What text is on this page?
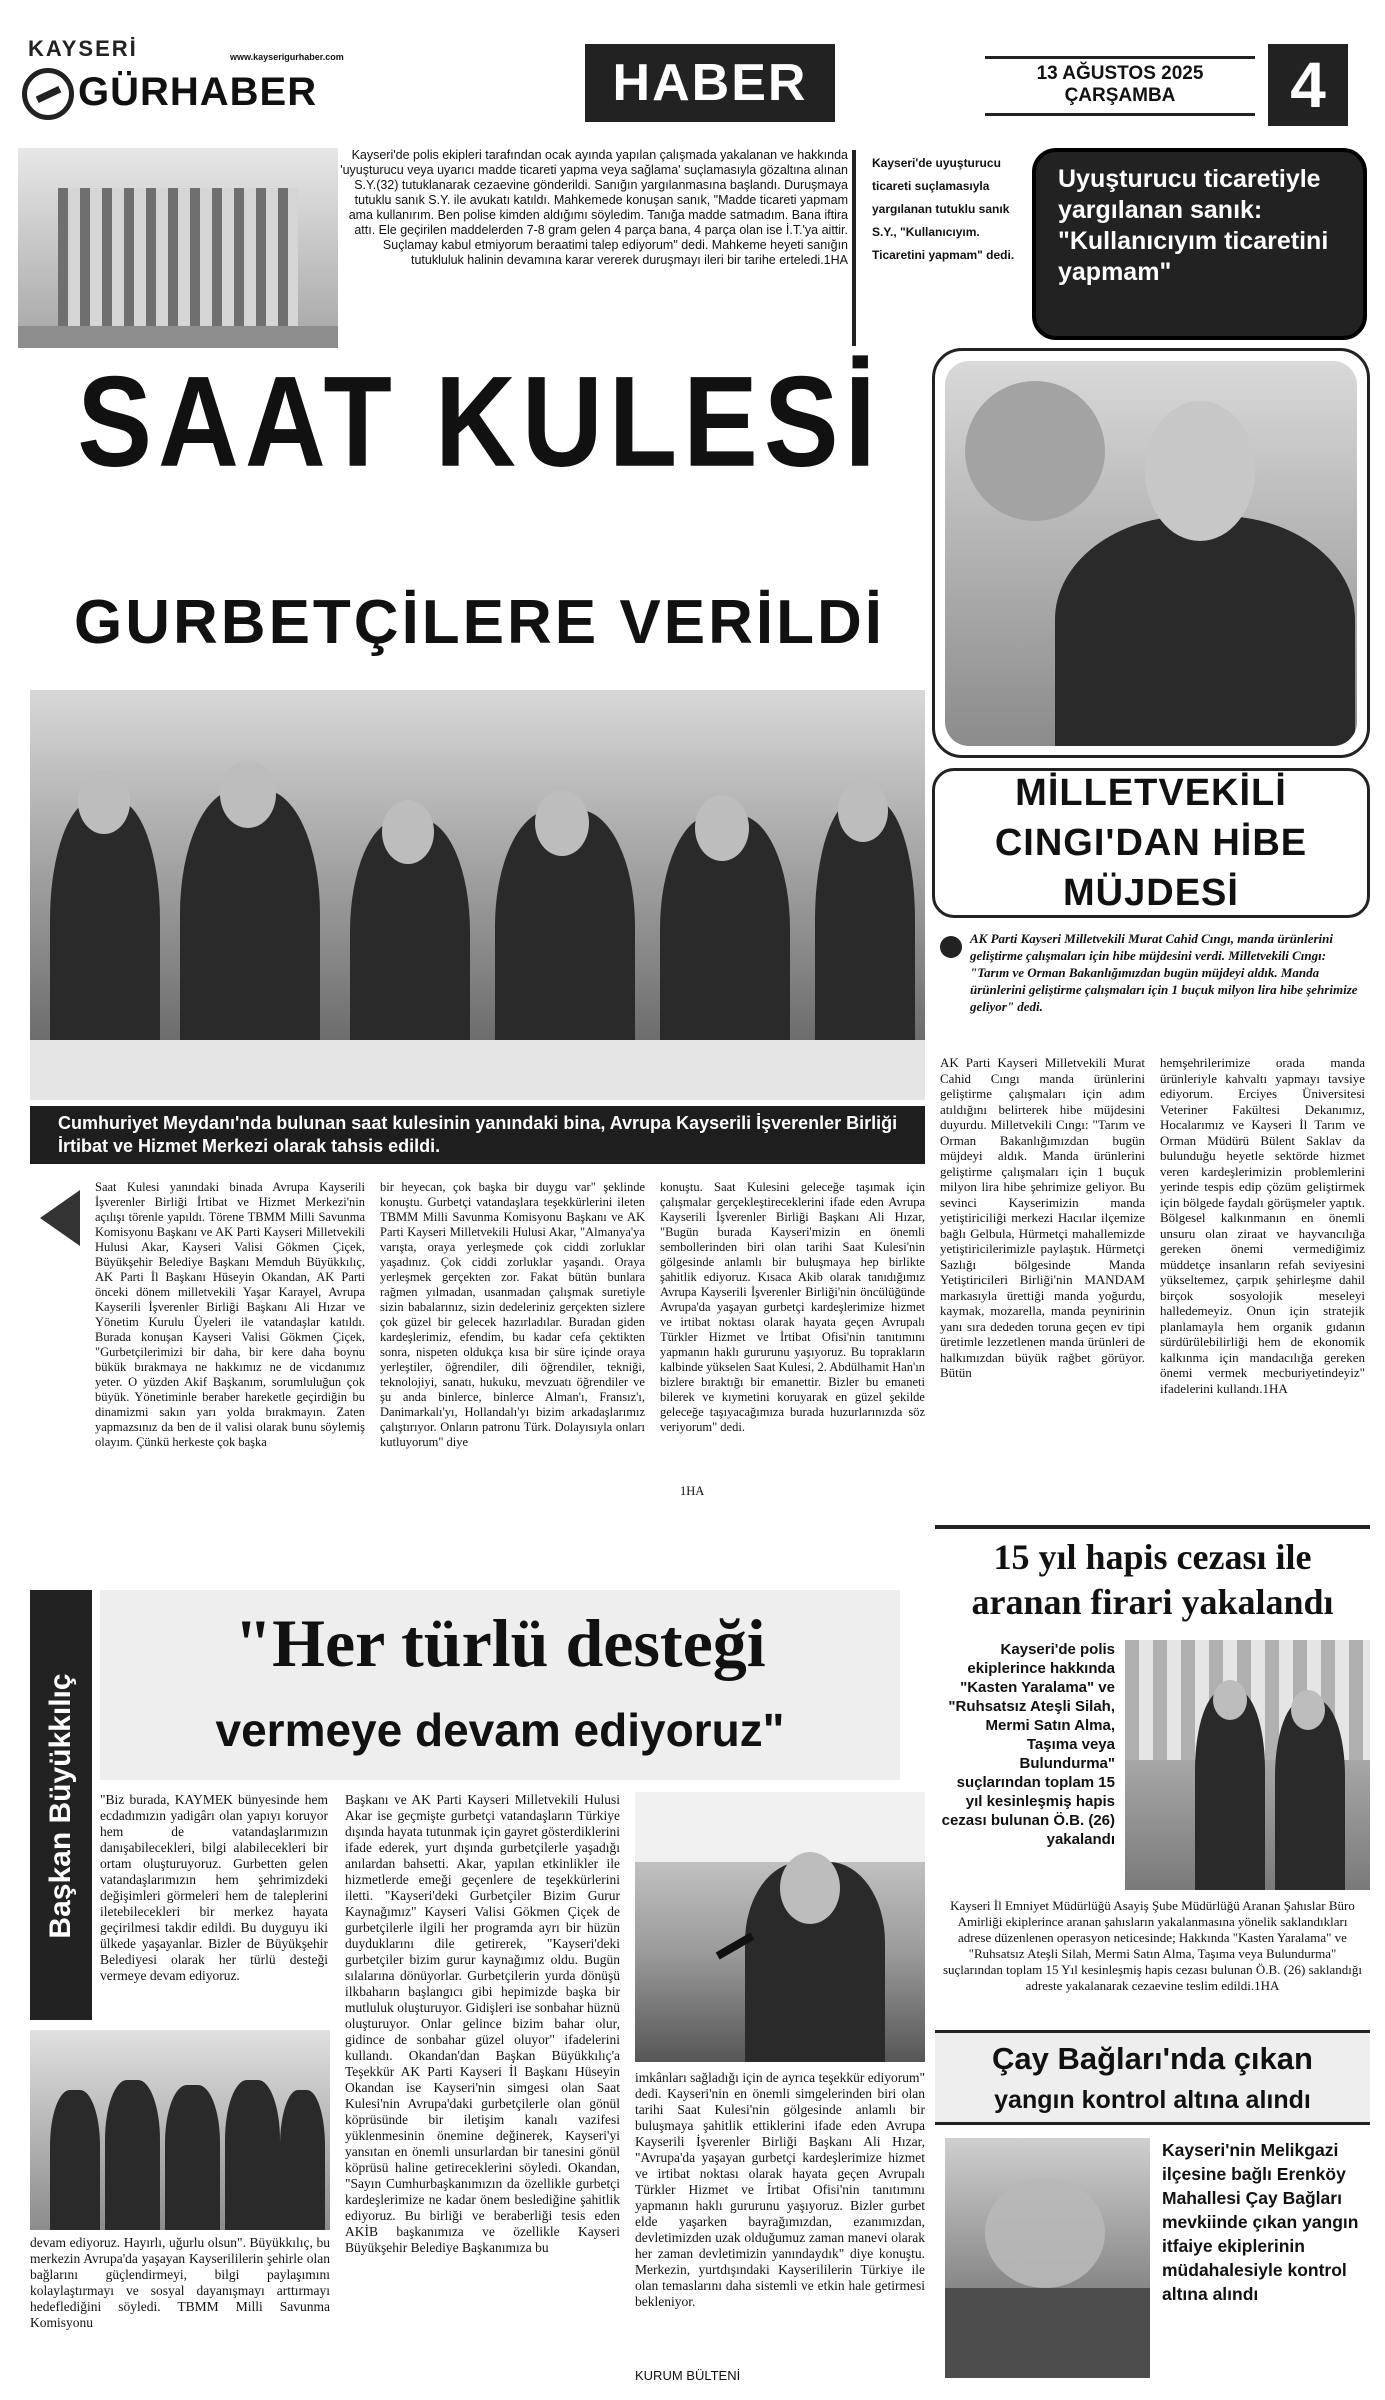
KAYSERİ	www.kayserigurhaber.com
GÜRHABER	HABER	13 AĞUSTOS 2025
ÇARŞAMBA	4
Kayseri'de polis ekipleri tarafından ocak ayında yapılan çalışmada yakalanan ve hakkında 'uyuşturucu veya uyarıcı madde ticareti yapma veya sağlama' suçlamasıyla gözaltına alınan S.Y.(32) tutuklanarak cezaevine gönderildi. Sanığın yargılanmasına başlandı. Duruşmaya tutuklu sanık S.Y. ile avukatı katıldı. Mahkemede konuşan sanık, "Madde ticareti yapmam ama kullanırım. Ben polise kimden aldığımı söyledim. Tanığa madde satmadım. Bana iftira attı. Ele geçirilen maddelerden 7-8 gram gelen 4 parça bana, 4 parça olan ise İ.T.'ya aittir. Suçlamay kabul etmiyorum beraatimi talep ediyorum" dedi. Mahkeme heyeti sanığın tutukluluk halinin devamına karar vererek duruşmayı ileri bir tarihe erteledi.1HA
Kayseri'de uyuşturucu ticareti suçlamasıyla yargılanan tutuklu sanık S.Y., "Kullanıcıyım. Ticaretini yapmam" dedi.
Uyuşturucu ticaretiyle yargılanan sanık: "Kullanıcıyım ticaretini yapmam"
SAAT KULESİ
GURBETÇİLERE VERİLDİ
Cumhuriyet Meydanı'nda bulunan saat kulesinin yanındaki bina, Avrupa Kayserili İşverenler Birliği İrtibat ve Hizmet Merkezi olarak tahsis edildi.
Saat Kulesi yanındaki binada Avrupa Kayserili İşverenler Birliği İrtibat ve Hizmet Merkezi'nin açılışı törenle yapıldı. Törene TBMM Milli Savunma Komisyonu Başkanı ve AK Parti Kayseri Milletvekili Hulusi Akar, Kayseri Valisi Gökmen Çiçek, Büyükşehir Belediye Başkanı Memduh Büyükkılıç, AK Parti İl Başkanı Hüseyin Okandan, AK Parti önceki dönem milletvekili Yaşar Karayel, Avrupa Kayserili İşverenler Birliği Başkanı Ali Hızar ve Yönetim Kurulu Üyeleri ile vatandaşlar katıldı. Burada konuşan Kayseri Valisi Gökmen Çiçek, "Gurbetçilerimizi bir daha, bir kere daha boynu bükük bırakmaya ne hakkımız ne de vicdanımız yeter. O yüzden Akif Başkanım, sorumluluğun çok büyük. Yönetiminle beraber hareketle geçirdiğin bu dinamizmi sakın yarı yolda bırakmayın. Zaten yapmazsınız da ben de il valisi olarak bunu söylemiş olayım. Çünkü herkeste çok başka
bir heyecan, çok başka bir duygu var" şeklinde konuştu. Gurbetçi vatandaşlara teşekkürlerini ileten TBMM Milli Savunma Komisyonu Başkanı ve AK Parti Kayseri Milletvekili Hulusi Akar, "Almanya'ya varışta, oraya yerleşmede çok ciddi zorluklar yaşadınız. Çok ciddi zorluklar yaşandı. Oraya yerleşmek gerçekten zor. Fakat bütün bunlara rağmen yılmadan, usanmadan çalışmak suretiyle sizin babalarınız, sizin dedeleriniz gerçekten sizlere çok güzel bir gelecek hazırladılar. Buradan giden kardeşlerimiz, efendim, bu kadar cefa çektikten sonra, nispeten oldukça kısa bir süre içinde oraya yerleştiler, öğrendiler, dili öğrendiler, tekniği, teknolojiyi, sanatı, hukuku, mevzuatı öğrendiler ve şu anda binlerce, binlerce Alman'ı, Fransız'ı, Danimarkalı'yı, Hollandalı'yı bizim arkadaşlarımız çalıştırıyor. Onların patronu Türk. Dolayısıyla onları kutluyorum" diye
konuştu. Saat Kulesini geleceğe taşımak için çalışmalar gerçekleştireceklerini ifade eden Avrupa Kayserili İşverenler Birliği Başkanı Ali Hızar, "Bugün burada Kayseri'mizin en önemli sembollerinden biri olan tarihi Saat Kulesi'nin gölgesinde anlamlı bir buluşmaya hep birlikte şahitlik ediyoruz. Kısaca Akib olarak tanıdığımız Avrupa Kayserili İşverenler Birliği'nin öncülüğünde Avrupa'da yaşayan gurbetçi kardeşlerimize hizmet ve irtibat noktası olarak hayata geçen Avrupalı Türkler Hizmet ve İrtibat Ofisi'nin tanıtımını yapmanın haklı gururunu yaşıyoruz. Bu toprakların kalbinde yükselen Saat Kulesi, 2. Abdülhamit Han'ın bizlere bıraktığı bir emanettir. Bizler bu emaneti bilerek ve kıymetini koruyarak en güzel şekilde geleceğe taşıyacağımıza burada huzurlarınızda söz veriyorum" dedi.
1HA
MİLLETVEKİLİ CINGI'DAN HİBE MÜJDESİ
AK Parti Kayseri Milletvekili Murat Cahid Cıngı, manda ürünlerini geliştirme çalışmaları için hibe müjdesini verdi. Milletvekili Cıngı: "Tarım ve Orman Bakanlığımızdan bugün müjdeyi aldık. Manda ürünlerini geliştirme çalışmaları için 1 buçuk milyon lira hibe şehrimize geliyor" dedi.
AK Parti Kayseri Milletvekili Murat Cahid Cıngı manda ürünlerini geliştirme çalışmaları için adım atıldığını belirterek hibe müjdesini duyurdu. Milletvekili Cıngı: "Tarım ve Orman Bakanlığımızdan bugün müjdeyi aldık. Manda ürünlerini geliştirme çalışmaları için 1 buçuk milyon lira hibe şehrimize geliyor. Bu sevinci Kayserimizin manda yetiştiriciliği merkezi Hacılar ilçemize bağlı Gelbula, Hürmetçi mahallemizde yetiştiricilerimizle paylaştık. Hürmetçi Sazlığı bölgesinde Manda Yetiştiricileri Birliği'nin MANDAM markasıyla ürettiği manda yoğurdu, kaymak, mozarella, manda peynirinin yanı sıra dededen toruna geçen ev tipi üretimle lezzetlenen manda ürünleri de halkımızdan büyük rağbet görüyor. Bütün
hemşehrilerimize orada manda ürünleriyle kahvaltı yapmayı tavsiye ediyorum. Erciyes Üniversitesi Veteriner Fakültesi Dekanımız, Hocalarımız ve Kayseri İl Tarım ve Orman Müdürü Bülent Saklav da bulunduğu heyetle sektörde hizmet veren kardeşlerimizin problemlerini yerinde tespis edip çözüm geliştirmek için bölgede faydalı görüşmeler yaptık. Bölgesel kalkınmanın en önemli unsuru olan ziraat ve hayvancılığa gereken önemi vermediğimiz müddetçe insanların refah seviyesini yükseltemez, çarpık şehirleşme dahil birçok sosyolojik meseleyi halledemeyiz. Onun için stratejik planlamayla hem organik gıdanın sürdürülebilirliği hem de ekonomik kalkınma için mandacılığa gereken önemi vermek mecburiyetindeyiz" ifadelerini kullandı.1HA
15 yıl hapis cezası ile
aranan firari yakalandı
Kayseri'de polis ekiplerince hakkında "Kasten Yaralama" ve "Ruhsatsız Ateşli Silah, Mermi Satın Alma, Taşıma veya Bulundurma" suçlarından toplam 15 yıl kesinleşmiş hapis cezası bulunan Ö.B. (26) yakalandı
Kayseri İl Emniyet Müdürlüğü Asayiş Şube Müdürlüğü Aranan Şahıslar Büro Amirliği ekiplerince aranan şahısların yakalanmasına yönelik saklandıkları adrese düzenlenen operasyon neticesinde; Hakkında "Kasten Yaralama" ve "Ruhsatsız Ateşli Silah, Mermi Satın Alma, Taşıma veya Bulundurma" suçlarından toplam 15 Yıl kesinleşmiş hapis cezası bulunan Ö.B. (26) saklandığı adreste yakalanarak cezaevine teslim edildi.1HA
Çay Bağları'nda çıkan
yangın kontrol altına alındı
Kayseri'nin Melikgazi ilçesine bağlı Erenköy Mahallesi Çay Bağları mevkiinde çıkan yangın itfaiye ekiplerinin müdahalesiyle kontrol altına alındı
Başkan Büyükkılıç
"Her türlü desteği
vermeye devam ediyoruz"
"Biz burada, KAYMEK bünyesinde hem ecdadımızın yadigârı olan yapıyı koruyor hem de vatandaşlarımızın danışabilecekleri, bilgi alabilecekleri bir ortam oluşturuyoruz. Gurbetten gelen vatandaşlarımızın hem şehrimizdeki değişimleri görmeleri hem de taleplerini iletebilecekleri bir merkez hayata geçirilmesi takdir edildi. Bu duyguyu iki ülkede yaşayanlar. Bizler de Büyükşehir Belediyesi olarak her türlü desteği vermeye devam ediyoruz.
devam ediyoruz. Hayırlı, uğurlu olsun". Büyükkılıç, bu merkezin Avrupa'da yaşayan Kayserililerin şehirle olan bağlarını güçlendirmeyi, bilgi paylaşımını kolaylaştırmayı ve sosyal dayanışmayı arttırmayı hedeflediğini söyledi. TBMM Milli Savunma Komisyonu
Başkanı ve AK Parti Kayseri Milletvekili Hulusi Akar ise geçmişte gurbetçi vatandaşların Türkiye dışında hayata tutunmak için gayret gösterdiklerini ifade ederek, yurt dışında gurbetçilerle yaşadığı anılardan bahsetti. Akar, yapılan etkinlikler ile hizmetlerde emeği geçenlere de teşekkürlerini iletti. "Kayseri'deki Gurbetçiler Bizim Gurur Kaynağımız" Kayseri Valisi Gökmen Çiçek de gurbetçilerle ilgili her programda ayrı bir hüzün duyduklarını dile getirerek, "Kayseri'deki gurbetçiler bizim gurur kaynağımız oldu. Bugün sılalarına dönüyorlar. Gurbetçilerin yurda dönüşü ilkbaharın başlangıcı gibi hepimizde başka bir mutluluk oluşturuyor. Gidişleri ise sonbahar hüznü oluşturuyor. Onlar gelince bizim bahar olur, gidince de sonbahar güzel oluyor" ifadelerini kullandı. Okandan'dan Başkan Büyükkılıç'a Teşekkür AK Parti Kayseri İl Başkanı Hüseyin Okandan ise Kayseri'nin simgesi olan Saat Kulesi'nin Avrupa'daki gurbetçilerle olan gönül köprüsünde bir iletişim kanalı vazifesi yüklenmesinin önemine değinerek, Kayseri'yi yansıtan en önemli unsurlardan bir tanesini gönül köprüsü haline getireceklerini söyledi. Okandan, "Sayın Cumhurbaşkanımızın da özellikle gurbetçi kardeşlerimize ne kadar önem beslediğine şahitlik ediyoruz. Bu birliği ve beraberliği tesis eden AKİB başkanımıza ve özellikle Kayseri Büyükşehir Belediye Başkanımıza bu
imkânları sağladığı için de ayrıca teşekkür ediyorum" dedi. Kayseri'nin en önemli simgelerinden biri olan tarihi Saat Kulesi'nin gölgesinde anlamlı bir buluşmaya şahitlik ettiklerini ifade eden Avrupa Kayserili İşverenler Birliği Başkanı Ali Hızar, "Avrupa'da yaşayan gurbetçi kardeşlerimize hizmet ve irtibat noktası olarak hayata geçen Avrupalı Türkler Hizmet ve İrtibat Ofisi'nin tanıtımını yapmanın haklı gururunu yaşıyoruz. Bizler gurbet elde yaşarken bayrağımızdan, ezanımızdan, devletimizden uzak olduğumuz zaman manevi olarak her zaman devletimizin yanındaydık" diye konuştu. Merkezin, yurtdışındaki Kayserililerin Türkiye ile olan temaslarını daha sistemli ve etkin hale getirmesi bekleniyor.
KURUM BÜLTENİ
